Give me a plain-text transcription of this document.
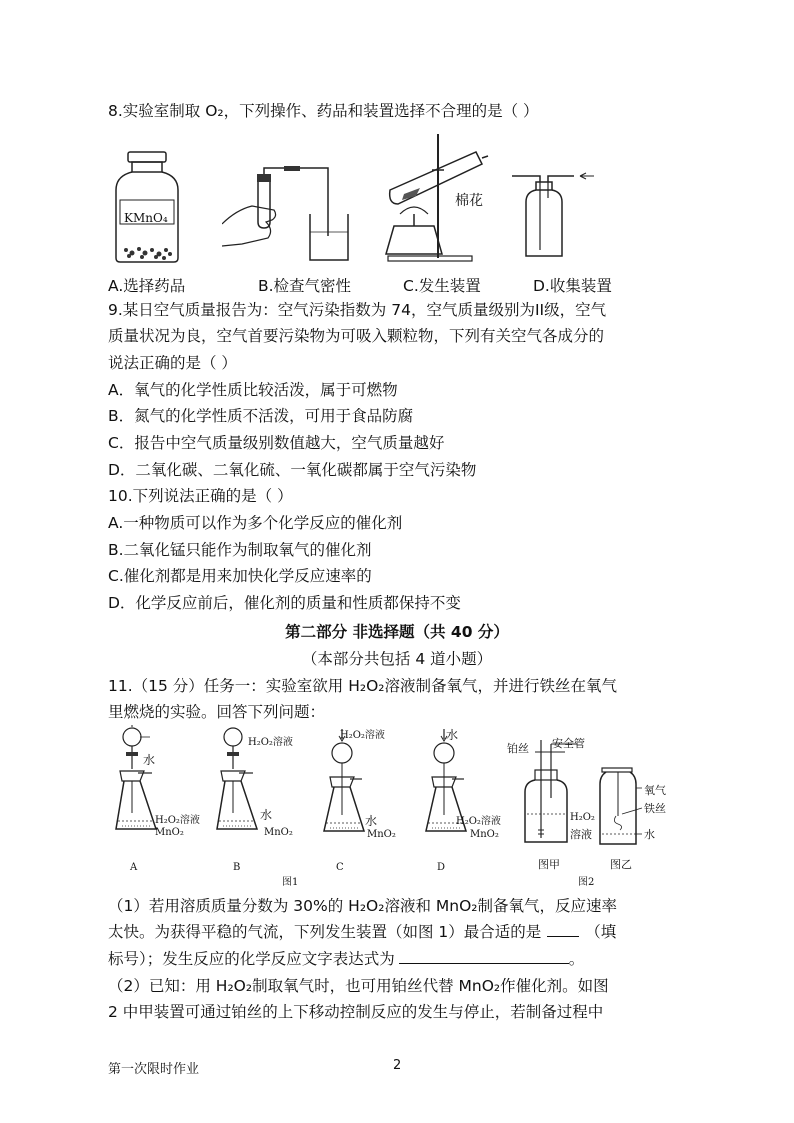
8.实验室制取 O₂，下列操作、药品和装置选择不合理的是（ ）
KMnO₄
棉花
A.选择药品	B.检查气密性	C.发生装置	D.收集装置
9.某日空气质量报告为：空气污染指数为 74，空气质量级别为II级，空气
质量状况为良，空气首要污染物为可吸入颗粒物，下列有关空气各成分的
说法正确的是（ ）
A．氧气的化学性质比较活泼，属于可燃物
B．氮气的化学性质不活泼，可用于食品防腐
C．报告中空气质量级别数值越大，空气质量越好
D．二氧化碳、二氧化硫、一氧化碳都属于空气污染物
10.下列说法正确的是（ ）
A.一种物质可以作为多个化学反应的催化剂
B.二氧化锰只能作为制取氧气的催化剂
C.催化剂都是用来加快化学反应速率的
D．化学反应前后，催化剂的质量和性质都保持不变
第二部分 非选择题（共 40 分）
（本部分共包括 4 道小题）
11.（15 分）任务一：实验室欲用 H₂O₂溶液制备氧气，并进行铁丝在氧气
里燃烧的实验。回答下列问题：
水
H₂O₂溶液
MnO₂
A
H₂O₂溶液
水
MnO₂
B
H₂O₂溶液
水
MnO₂
C
水
H₂O₂溶液
MnO₂
D
图1
铂丝 安全管
H₂O₂
溶液
氧气
铁丝
水
图甲	图乙
图2
（1）若用溶质质量分数为 30%的 H₂O₂溶液和 MnO₂制备氧气，反应速率
太快。为获得平稳的气流，下列发生装置（如图 1）最合适的是	（填
标号）；发生反应的化学反应文字表达式为	。
（2）已知：用 H₂O₂制取氧气时，也可用铂丝代替 MnO₂作催化剂。如图
2 中甲装置可通过铂丝的上下移动控制反应的发生与停止，若制备过程中
第一次限时作业	2
